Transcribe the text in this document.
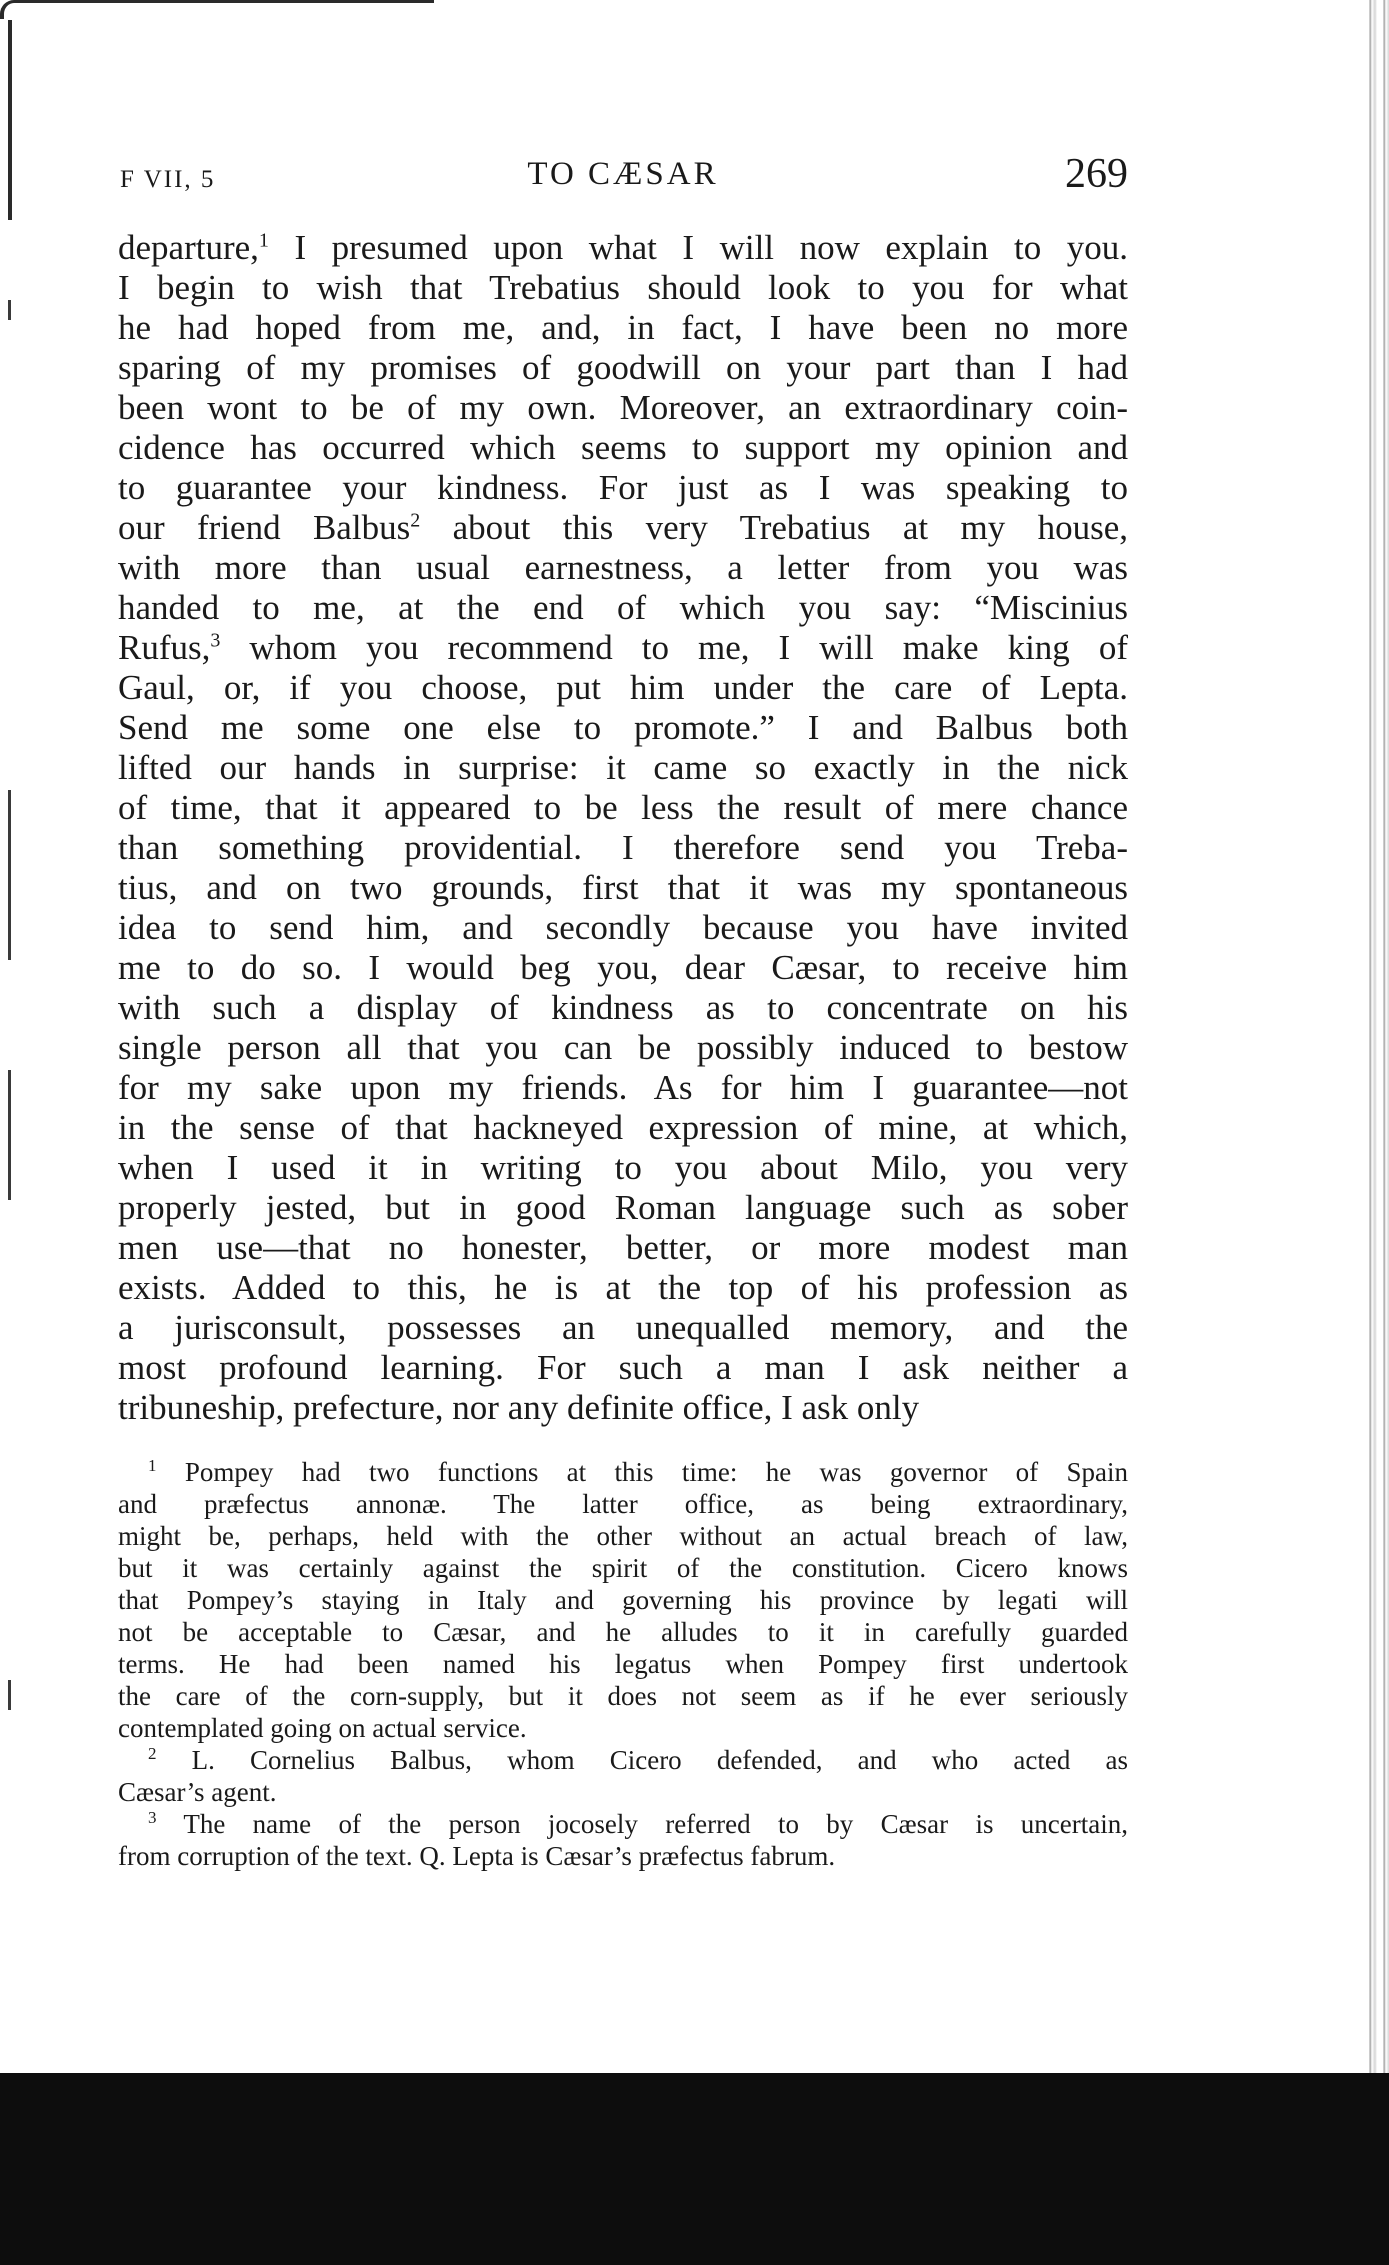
F VII, 5	TO CÆSAR	269
departure,$^1$ I presumed upon what I will now explain to you.
I begin to wish that Trebatius should look to you for what
he had hoped from me, and, in fact, I have been no more
sparing of my promises of goodwill on your part than I had
been wont to be of my own. Moreover, an extraordinary coin-
cidence has occurred which seems to support my opinion and
to guarantee your kindness. For just as I was speaking to
our friend Balbus$^2$ about this very Trebatius at my house,
with more than usual earnestness, a letter from you was
handed to me, at the end of which you say: “Miscinius
Rufus,$^3$ whom you recommend to me, I will make king of
Gaul, or, if you choose, put him under the care of Lepta.
Send me some one else to promote.” I and Balbus both
lifted our hands in surprise: it came so exactly in the nick
of time, that it appeared to be less the result of mere chance
than something providential. I therefore send you Treba-
tius, and on two grounds, first that it was my spontaneous
idea to send him, and secondly because you have invited
me to do so. I would beg you, dear Cæsar, to receive him
with such a display of kindness as to concentrate on his
single person all that you can be possibly induced to bestow
for my sake upon my friends. As for him I guarantee—not
in the sense of that hackneyed expression of mine, at which,
when I used it in writing to you about Milo, you very
properly jested, but in good Roman language such as sober
men use—that no honester, better, or more modest man
exists. Added to this, he is at the top of his profession as
a jurisconsult, possesses an unequalled memory, and the
most profound learning. For such a man I ask neither a
tribuneship, prefecture, nor any definite office, I ask only
$^1$ Pompey had two functions at this time: he was governor of Spain
and præfectus annonæ. The latter office, as being extraordinary,
might be, perhaps, held with the other without an actual breach of law,
but it was certainly against the spirit of the constitution. Cicero knows
that Pompey’s staying in Italy and governing his province by legati will
not be acceptable to Cæsar, and he alludes to it in carefully guarded
terms. He had been named his legatus when Pompey first undertook
the care of the corn-supply, but it does not seem as if he ever seriously
contemplated going on actual service.
$^2$ L. Cornelius Balbus, whom Cicero defended, and who acted as
Cæsar’s agent.
$^3$ The name of the person jocosely referred to by Cæsar is uncertain,
from corruption of the text. Q. Lepta is Cæsar’s præfectus fabrum.
